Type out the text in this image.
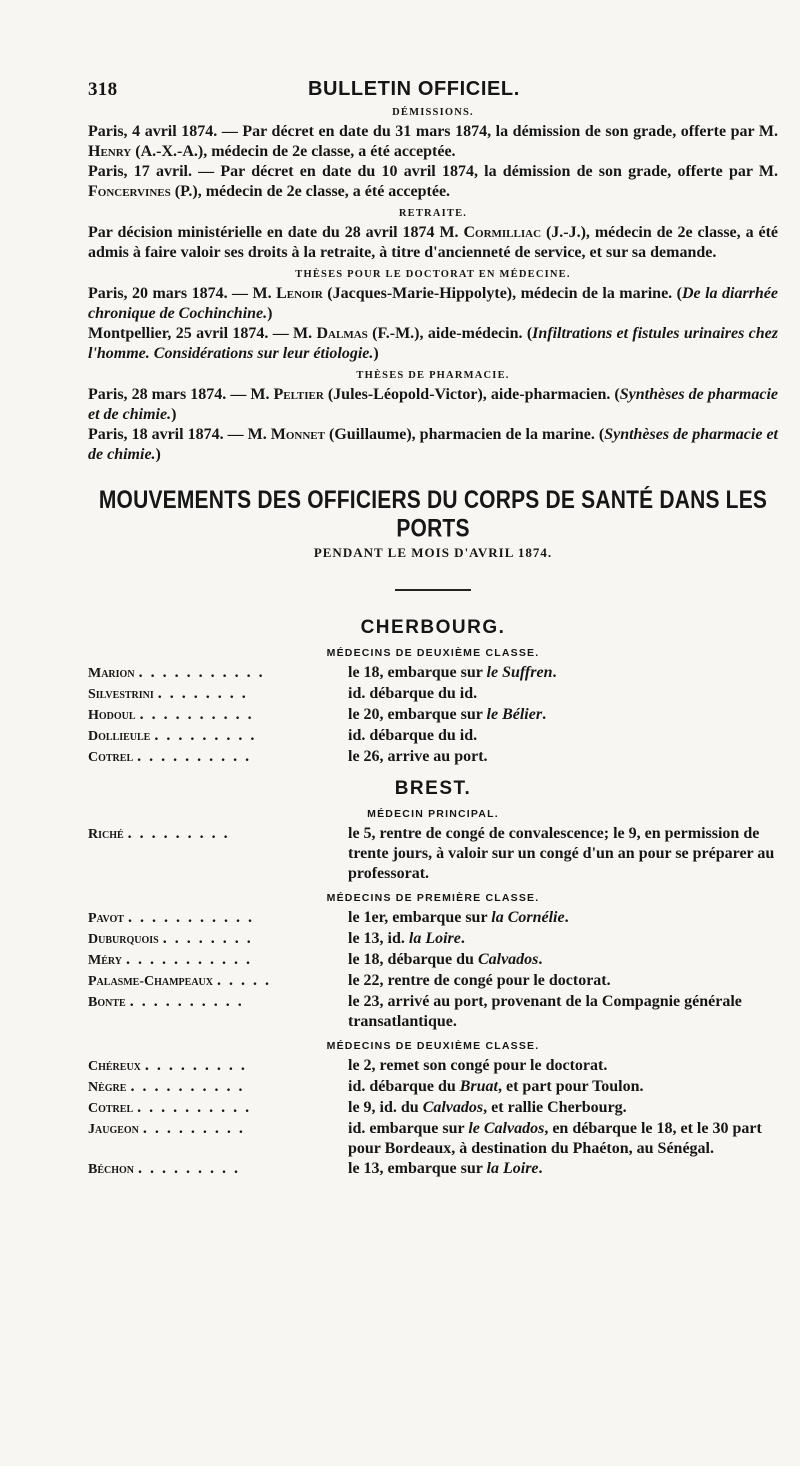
318	BULLETIN OFFICIEL.
DÉMISSIONS.

Paris, 4 avril 1874. — Par décret en date du 31 mars 1874, la démission de son grade, offerte par M. Henry (A.-X.-A.), médecin de 2e classe, a été acceptée.

Paris, 17 avril. — Par décret en date du 10 avril 1874, la démission de son grade, offerte par M. Foncervines (P.), médecin de 2e classe, a été acceptée.

RETRAITE.

Par décision ministérielle en date du 28 avril 1874 M. Cormilliac (J.-J.), médecin de 2e classe, a été admis à faire valoir ses droits à la retraite, à titre d'ancienneté de service, et sur sa demande.

THÈSES POUR LE DOCTORAT EN MÉDECINE.

Paris, 20 mars 1874. — M. Lenoir (Jacques-Marie-Hippolyte), médecin de la marine. (De la diarrhée chronique de Cochinchine.)

Montpellier, 25 avril 1874. — M. Dalmas (F.-M.), aide-médecin. (Infiltrations et fistules urinaires chez l'homme. Considérations sur leur étiologie.)

THÈSES DE PHARMACIE.

Paris, 28 mars 1874. — M. Peltier (Jules-Léopold-Victor), aide-pharmacien. (Synthèses de pharmacie et de chimie.)

Paris, 18 avril 1874. — M. Monnet (Guillaume), pharmacien de la marine. (Synthèses de pharmacie et de chimie.)

MOUVEMENTS DES OFFICIERS DU CORPS DE SANTÉ DANS LES PORTS
PENDANT LE MOIS D'AVRIL 1874.
CHERBOURG.
MÉDECINS DE DEUXIÈME CLASSE.
Marion . . . . . . . . . . .	le 18, embarque sur le Suffren.
Silvestrini . . . . . . . .	id. débarque du id.
Hodoul . . . . . . . . . .	le 20, embarque sur le Bélier.
Dollieule . . . . . . . . .	id. débarque du id.
Cotrel . . . . . . . . . .	le 26, arrive au port.
BREST.
MÉDECIN PRINCIPAL.
Riché . . . . . . . . .	le 5, rentre de congé de convalescence; le 9, en permission de trente jours, à valoir sur un congé d'un an pour se préparer au professorat.
MÉDECINS DE PREMIÈRE CLASSE.
Pavot . . . . . . . . . . .	le 1er, embarque sur la Cornélie.
Duburquois . . . . . . . .	le 13, id. la Loire.
Méry . . . . . . . . . . .	le 18, débarque du Calvados.
Palasme-Champeaux . . . . .	le 22, rentre de congé pour le doctorat.
Bonte . . . . . . . . . .	le 23, arrivé au port, provenant de la Compagnie générale transatlantique.
MÉDECINS DE DEUXIÈME CLASSE.
Chéreux . . . . . . . . .	le 2, remet son congé pour le doctorat.
Nègre . . . . . . . . . .	id. débarque du Bruat, et part pour Toulon.
Cotrel . . . . . . . . . .	le 9, id. du Calvados, et rallie Cherbourg.
Jaugeon . . . . . . . . .	id. embarque sur le Calvados, en débarque le 18, et le 30 part pour Bordeaux, à destination du Phaéton, au Sénégal.
Béchon . . . . . . . . .	le 13, embarque sur la Loire.
